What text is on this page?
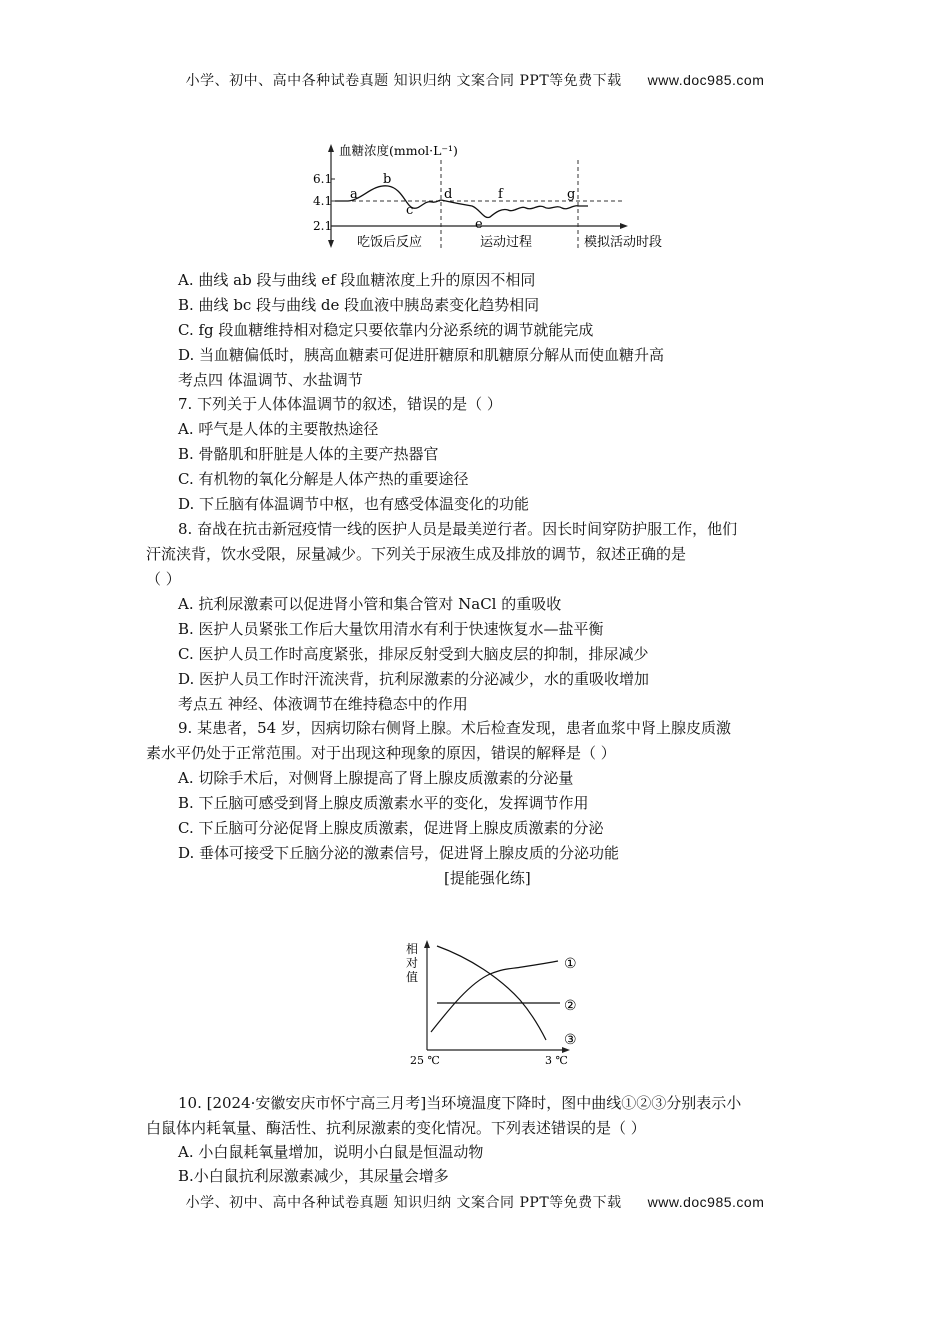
小学、初中、高中各种试卷真题 知识归纳 文案合同 PPT等免费下载 www.doc985.com
6.1
4.1
2.1
血糖浓度(mmol·L⁻¹)
a
b
c
d
e
f	g
吃饭后反应	运动过程	模拟活动时段
A. 曲线 ab 段与曲线 ef 段血糖浓度上升的原因不相同
B. 曲线 bc 段与曲线 de 段血液中胰岛素变化趋势相同
C. fg 段血糖维持相对稳定只要依靠内分泌系统的调节就能完成
D. 当血糖偏低时，胰高血糖素可促进肝糖原和肌糖原分解从而使血糖升高
考点四 体温调节、水盐调节
7. 下列关于人体体温调节的叙述，错误的是（ ）
A. 呼气是人体的主要散热途径
B. 骨骼肌和肝脏是人体的主要产热器官
C. 有机物的氧化分解是人体产热的重要途径
D. 下丘脑有体温调节中枢，也有感受体温变化的功能
8. 奋战在抗击新冠疫情一线的医护人员是最美逆行者。因长时间穿防护服工作，他们
汗流浃背，饮水受限，尿量减少。下列关于尿液生成及排放的调节，叙述正确的是
（ ）
A. 抗利尿激素可以促进肾小管和集合管对 NaCl 的重吸收
B. 医护人员紧张工作后大量饮用清水有利于快速恢复水—盐平衡
C. 医护人员工作时高度紧张，排尿反射受到大脑皮层的抑制，排尿减少
D. 医护人员工作时汗流浃背，抗利尿激素的分泌减少，水的重吸收增加
考点五 神经、体液调节在维持稳态中的作用
9. 某患者，54 岁，因病切除右侧肾上腺。术后检查发现，患者血浆中肾上腺皮质激
素水平仍处于正常范围。对于出现这种现象的原因，错误的解释是（ ）
A. 切除手术后，对侧肾上腺提高了肾上腺皮质激素的分泌量
B. 下丘脑可感受到肾上腺皮质激素水平的变化，发挥调节作用
C. 下丘脑可分泌促肾上腺皮质激素，促进肾上腺皮质激素的分泌
D. 垂体可接受下丘脑分泌的激素信号，促进肾上腺皮质的分泌功能
[提能强化练]
相
对
值
①
②
③
25 ℃	3 ℃
10. [2024·安徽安庆市怀宁高三月考]当环境温度下降时，图中曲线①②③分别表示小
白鼠体内耗氧量、酶活性、抗利尿激素的变化情况。下列表述错误的是（ ）
A. 小白鼠耗氧量增加，说明小白鼠是恒温动物
B.小白鼠抗利尿激素减少，其尿量会增多
小学、初中、高中各种试卷真题 知识归纳 文案合同 PPT等免费下载 www.doc985.com
